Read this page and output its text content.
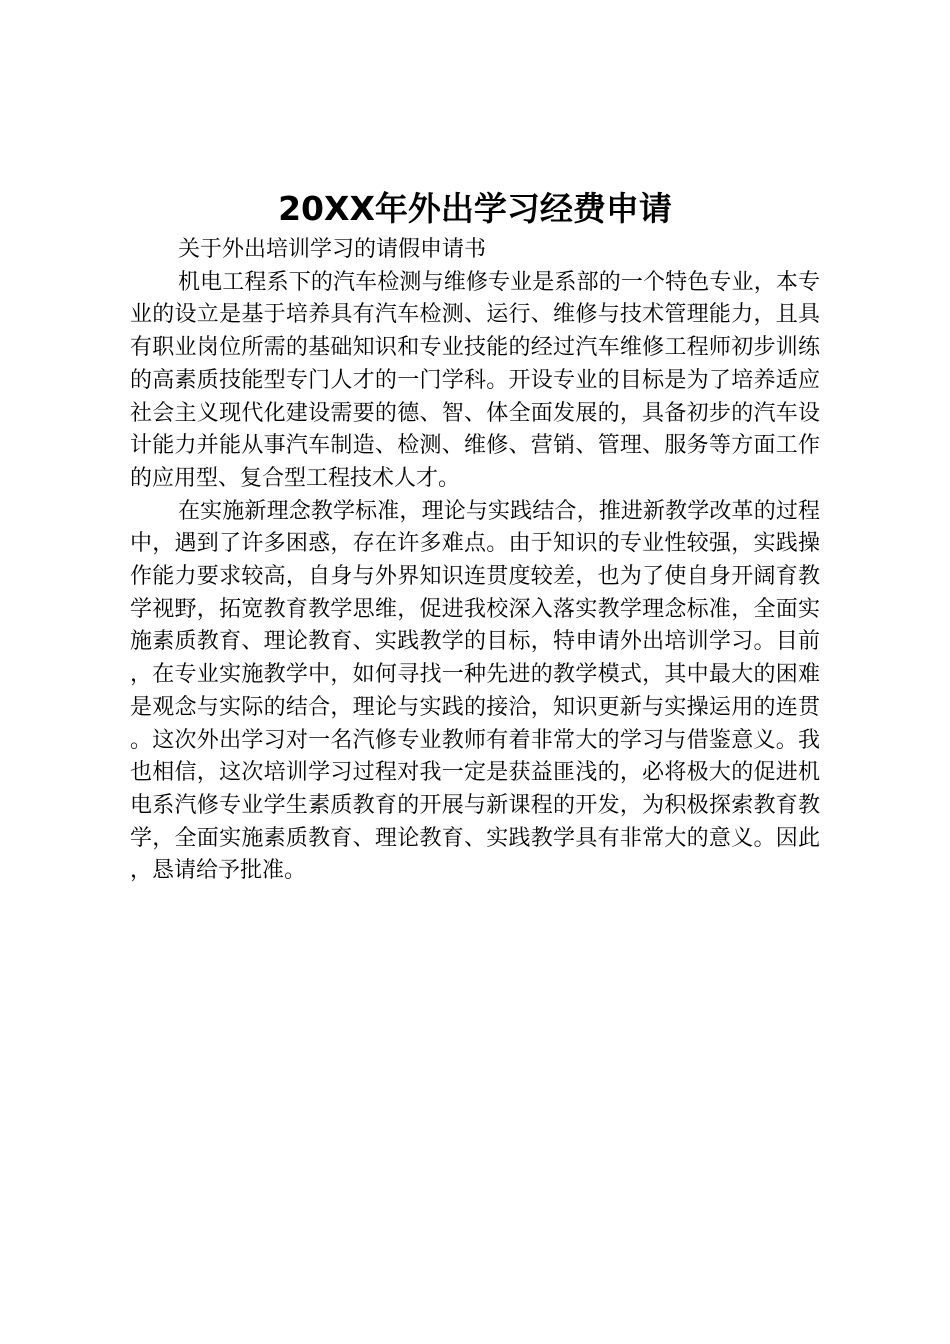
20XX年外出学习经费申请

关于外出培训学习的请假申请书

机电工程系下的汽车检测与维修专业是系部的一个特色专业，本专业的设立是基于培养具有汽车检测、运行、维修与技术管理能力，且具有职业岗位所需的基础知识和专业技能的经过汽车维修工程师初步训练的高素质技能型专门人才的一门学科。开设专业的目标是为了培养适应社会主义现代化建设需要的德、智、体全面发展的，具备初步的汽车设计能力并能从事汽车制造、检测、维修、营销、管理、服务等方面工作的应用型、复合型工程技术人才。

在实施新理念教学标准，理论与实践结合，推进新教学改革的过程中，遇到了许多困惑，存在许多难点。由于知识的专业性较强，实践操作能力要求较高，自身与外界知识连贯度较差，也为了使自身开阔育教学视野，拓宽教育教学思维，促进我校深入落实教学理念标准，全面实施素质教育、理论教育、实践教学的目标，特申请外出培训学习。目前，在专业实施教学中，如何寻找一种先进的教学模式，其中最大的困难是观念与实际的结合，理论与实践的接洽，知识更新与实操运用的连贯。这次外出学习对一名汽修专业教师有着非常大的学习与借鉴意义。我也相信，这次培训学习过程对我一定是获益匪浅的，必将极大的促进机电系汽修专业学生素质教育的开展与新课程的开发，为积极探索教育教学，全面实施素质教育、理论教育、实践教学具有非常大的意义。因此，恳请给予批准。
